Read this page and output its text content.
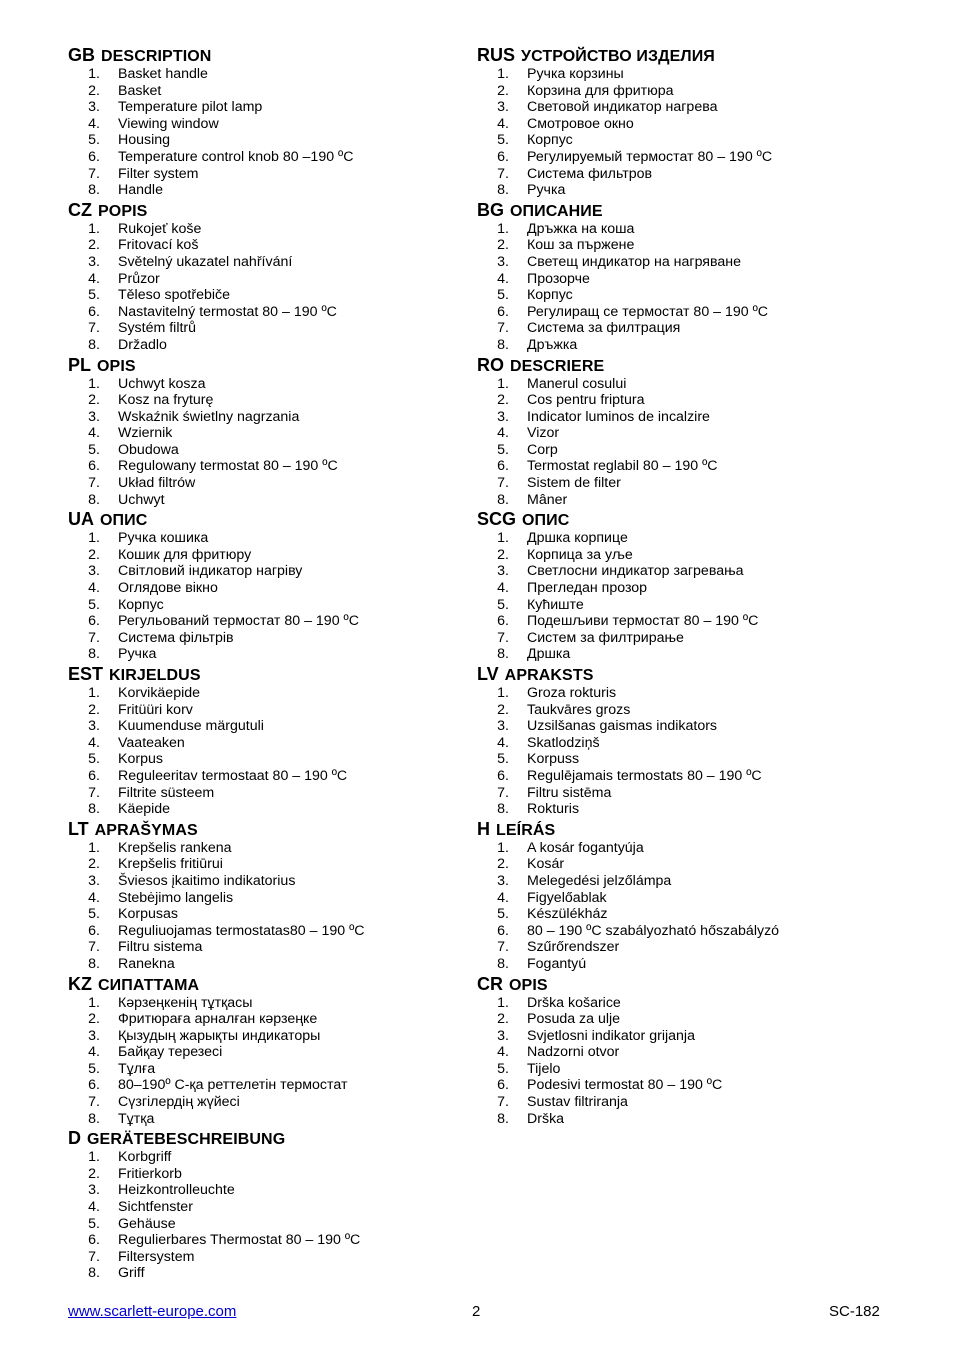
GB DESCRIPTION
1. Basket handle
2. Basket
3. Temperature pilot lamp
4. Viewing window
5. Housing
6. Temperature control knob 80 –190 ºC
7. Filter system
8. Handle
CZ POPIS
1. Rukojeť koše
2. Fritovací koš
3. Světelný ukazatel nahřívání
4. Průzor
5. Těleso spotřebiče
6. Nastavitelný termostat 80 – 190 ºC
7. Systém filtrů
8. Držadlo
PL OPIS
1. Uchwyt kosza
2. Kosz na fryturę
3. Wskaźnik świetlny nagrzania
4. Wziernik
5. Obudowa
6. Regulowany termostat 80 – 190 ºC
7. Układ filtrów
8. Uchwyt
UA ОПИС
1. Ручка кошика
2. Кошик для фритюру
3. Світловий індикатор нагріву
4. Оглядове вікно
5. Корпус
6. Регульований термостат 80 – 190 ºC
7. Система фільтрів
8. Ручка
EST KIRJELDUS
1. Korvikäepide
2. Fritüüri korv
3. Kuumenduse märgutuli
4. Vaateaken
5. Korpus
6. Reguleeritav termostaat 80 – 190 ºC
7. Filtrite süsteem
8. Käepide
LT APRAŠYMAS
1. Krepšelis rankena
2. Krepšelis fritiūrui
3. Šviesos įkaitimo indikatorius
4. Stebėjimo langelis
5. Korpusas
6. Reguliuojamas termostatas80 – 190 ºC
7. Filtru sistema
8. Ranekna
KZ СИПАТТАМА
1. Кәрзеңкенің тұтқасы
2. Фритюрағa арналған кәрзеңке
3. Қызудың жарықты индикаторы
4. Байқау терезесі
5. Тұлға
6. 80–190º С-қа реттелетін термостат
7. Сүзгілердің жүйесі
8. Тұтқа
D GERÄTEBESCHREIBUNG
1. Korbgriff
2. Fritierkorb
3. Heizkontrolleuchte
4. Sichtfenster
5. Gehäuse
6. Regulierbares Thermostat 80 – 190 ºC
7. Filtersystem
8. Griff
RUS УСТРОЙСТВО ИЗДЕЛИЯ
1. Ручка корзины
2. Корзина для фритюра
3. Световой индикатор нагрева
4. Смотровое окно
5. Корпус
6. Регулируемый термостат 80 – 190 ºC
7. Система фильтров
8. Ручка
BG ОПИСАНИЕ
1. Дръжка на коша
2. Кош за пържене
3. Светещ индикатор на нагряване
4. Прозорче
5. Корпус
6. Регулиращ се термостат 80 – 190 ºC
7. Система за филтрация
8. Дръжка
RO DESCRIERE
1.Manerul cosului
2. Cos pentru friptura
3. Indicator luminos de incalzire
4. Vizor
5. Corp
6. Termostat reglabil 80 – 190 ºC
7. Sistem de filter
8. Mâner
SCG ОПИС
1. Дршка корпице
2. Корпица за уље
3. Светлосни индикатор загревања
4. Прегледан прозор
5. Кућиште
6. Подешљиви термостат 80 – 190 ºC
7. Систем за филтрирање
8. Дршка
LV APRAKSTS
1. Groza rokturis
2. Taukvāres grozs
3. Uzsilšanas gaismas indikators
4. Skatlodziņš
5. Korpuss
6. Regulējamais termostats 80 – 190 ºC
7. Filtru sistēma
8. Rokturis
H LEÍRÁS
1. A kosár fogantyúja
2. Kosár
3. Melegedési jelzőlámpa
4. Figyelőablak
5. Készülékház
6. 80 – 190 ºC szabályozható hőszabályzó
7. Szűrőrendszer
8. Fogantyú
CR OPIS
1. Drška košarice
2. Posuda za ulje
3. Svjetlosni indikator grijanja
4. Nadzorni otvor
5. Tijelo
6. Podesivi termostat 80 – 190 ºC
7. Sustav filtriranja
8. Drška
www.scarlett-europe.com	2	SC-182
